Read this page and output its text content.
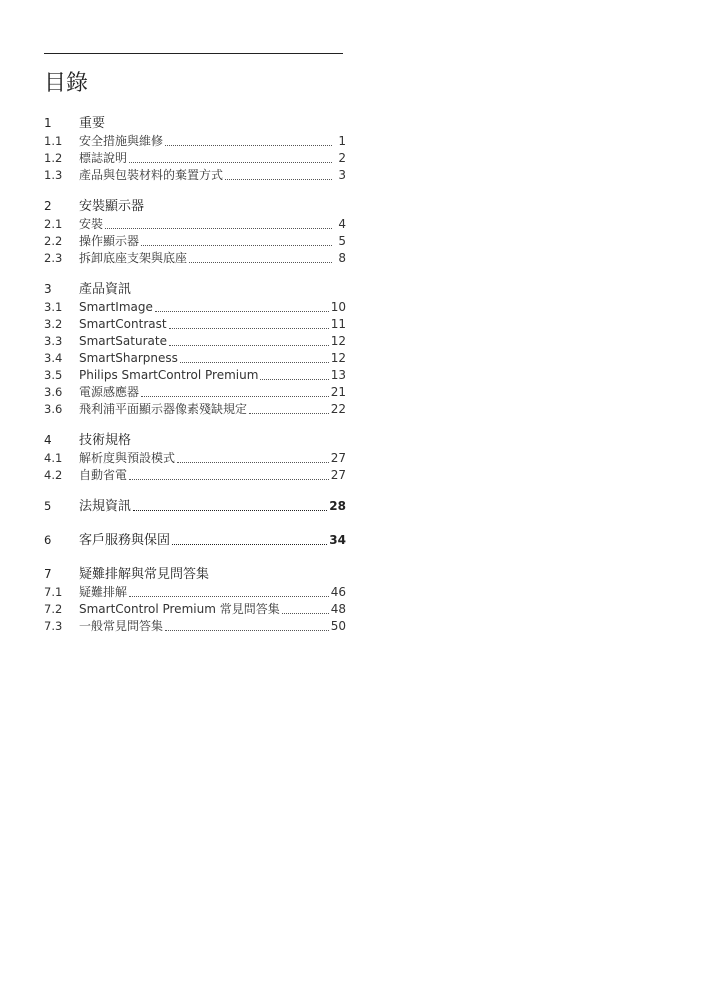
目錄
1	重要
1.1	安全措施與維修	1
1.2	標誌說明	2
1.3	產品與包裝材料的棄置方式	3
2	安裝顯示器
2.1	安裝	4
2.2	操作顯示器	5
2.3	拆卸底座支架與底座	8
3	產品資訊
3.1	SmartImage	10
3.2	SmartContrast	11
3.3	SmartSaturate	12
3.4	SmartSharpness	12
3.5	Philips SmartControl Premium	13
3.6	電源感應器	21
3.6	飛利浦平面顯示器像素殘缺規定	22
4	技術規格
4.1	解析度與預設模式	27
4.2	自動省電	27
5	法規資訊	28
6	客戶服務與保固	34
7	疑難排解與常見問答集
7.1	疑難排解	46
7.2	SmartControl Premium 常見問答集	48
7.3	一般常見問答集	50
